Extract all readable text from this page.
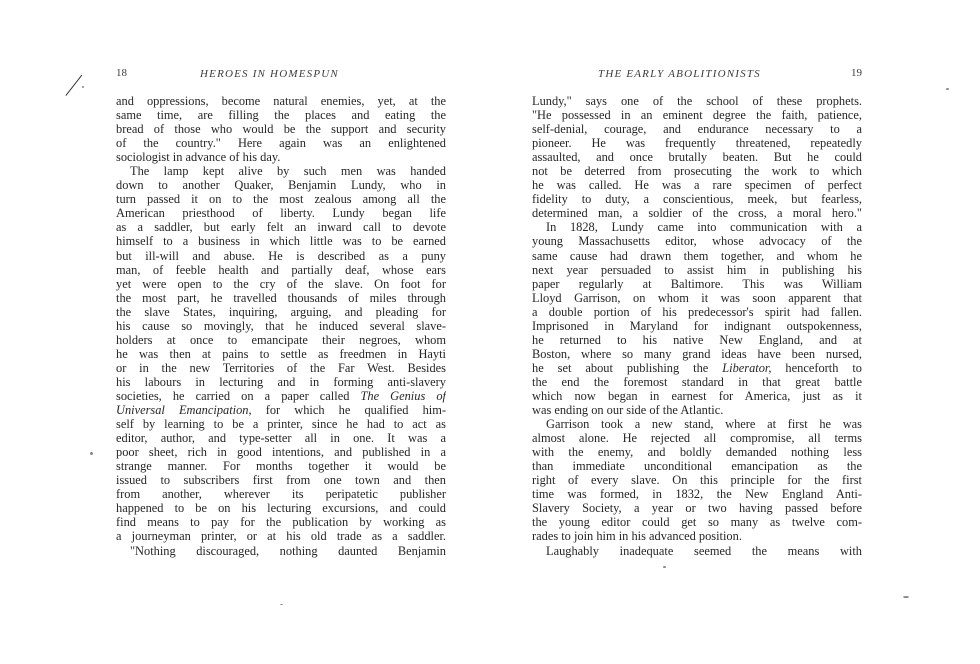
18	HEROES IN HOMESPUN
and oppressions, become natural enemies, yet, at the
same time, are filling the places and eating the
bread of those who would be the support and security
of the country." Here again was an enlightened
sociologist in advance of his day.
The lamp kept alive by such men was handed
down to another Quaker, Benjamin Lundy, who in
turn passed it on to the most zealous among all the
American priesthood of liberty. Lundy began life
as a saddler, but early felt an inward call to devote
himself to a business in which little was to be earned
but ill-will and abuse. He is described as a puny
man, of feeble health and partially deaf, whose ears
yet were open to the cry of the slave. On foot for
the most part, he travelled thousands of miles through
the slave States, inquiring, arguing, and pleading for
his cause so movingly, that he induced several slave-
holders at once to emancipate their negroes, whom
he was then at pains to settle as freedmen in Hayti
or in the new Territories of the Far West. Besides
his labours in lecturing and in forming anti-slavery
societies, he carried on a paper called The Genius of
Universal Emancipation, for which he qualified him-
self by learning to be a printer, since he had to act as
editor, author, and type-setter all in one. It was a
poor sheet, rich in good intentions, and published in a
strange manner. For months together it would be
issued to subscribers first from one town and then
from another, wherever its peripatetic publisher
happened to be on his lecturing excursions, and could
find means to pay for the publication by working as
a journeyman printer, or at his old trade as a saddler.
"Nothing discouraged, nothing daunted Benjamin
THE EARLY ABOLITIONISTS	19
Lundy," says one of the school of these prophets.
"He possessed in an eminent degree the faith, patience,
self-denial, courage, and endurance necessary to a
pioneer. He was frequently threatened, repeatedly
assaulted, and once brutally beaten. But he could
not be deterred from prosecuting the work to which
he was called. He was a rare specimen of perfect
fidelity to duty, a conscientious, meek, but fearless,
determined man, a soldier of the cross, a moral hero."
In 1828, Lundy came into communication with a
young Massachusetts editor, whose advocacy of the
same cause had drawn them together, and whom he
next year persuaded to assist him in publishing his
paper regularly at Baltimore. This was William
Lloyd Garrison, on whom it was soon apparent that
a double portion of his predecessor's spirit had fallen.
Imprisoned in Maryland for indignant outspokenness,
he returned to his native New England, and at
Boston, where so many grand ideas have been nursed,
he set about publishing the Liberator, henceforth to
the end the foremost standard in that great battle
which now began in earnest for America, just as it
was ending on our side of the Atlantic.
Garrison took a new stand, where at first he was
almost alone. He rejected all compromise, all terms
with the enemy, and boldly demanded nothing less
than immediate unconditional emancipation as the
right of every slave. On this principle for the first
time was formed, in 1832, the New England Anti-
Slavery Society, a year or two having passed before
the young editor could get so many as twelve com-
rades to join him in his advanced position.
Laughably inadequate seemed the means with
